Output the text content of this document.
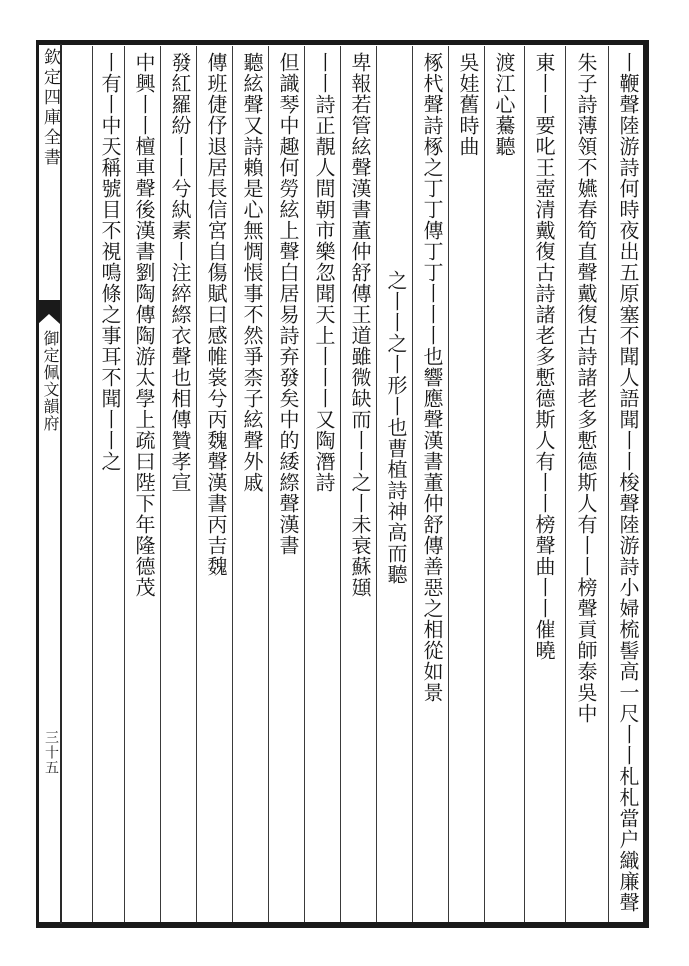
欽定四庫全書
御定佩文韻府
三十五	丨鞭聲陸游詩何時夜出五原塞不聞人語聞丨丨梭聲陸游詩小婦梳髻高一尺丨丨札札當户織廉聲
朱子詩薄領不嬿春筍直聲戴復古詩諸老多慙德斯人有丨丨榜聲貢師泰吳中
東丨丨要叱王壺清戴復古詩諸老多慙德斯人有丨丨榜聲曲丨丨催曉
渡江心驀聽
吳娃舊時曲
椓杙聲詩椓之丁丁傳丁丁丨丨丨也響應聲漢書董仲舒傳善惡之相從如景
之丨丨之丨形丨也曹植詩神高而聽
卑報若管絃聲漢書董仲舒傳王道雖微缺而丨丨之丨未衰蘇頲
丨丨詩正靚人間朝市樂忽聞天上丨丨丨又陶潛詩
但識琴中趣何勞絃上聲白居易詩弃發矣中的緌縩聲漢書
聽絃聲又詩賴是心無惆悵事不然爭柰子絃聲外戚
傳班倢伃退居長信宮自傷賦曰感帷裳兮丙魏聲漢書丙吉魏
發紅羅紛丨丨兮紈素丨注綷縩衣聲也相傳贊孝宣
中興丨丨檀車聲後漢書劉陶傳陶游太學上疏曰陛下年隆德茂
丨有丨中天稱號目不視鳴條之事耳不聞丨丨之
